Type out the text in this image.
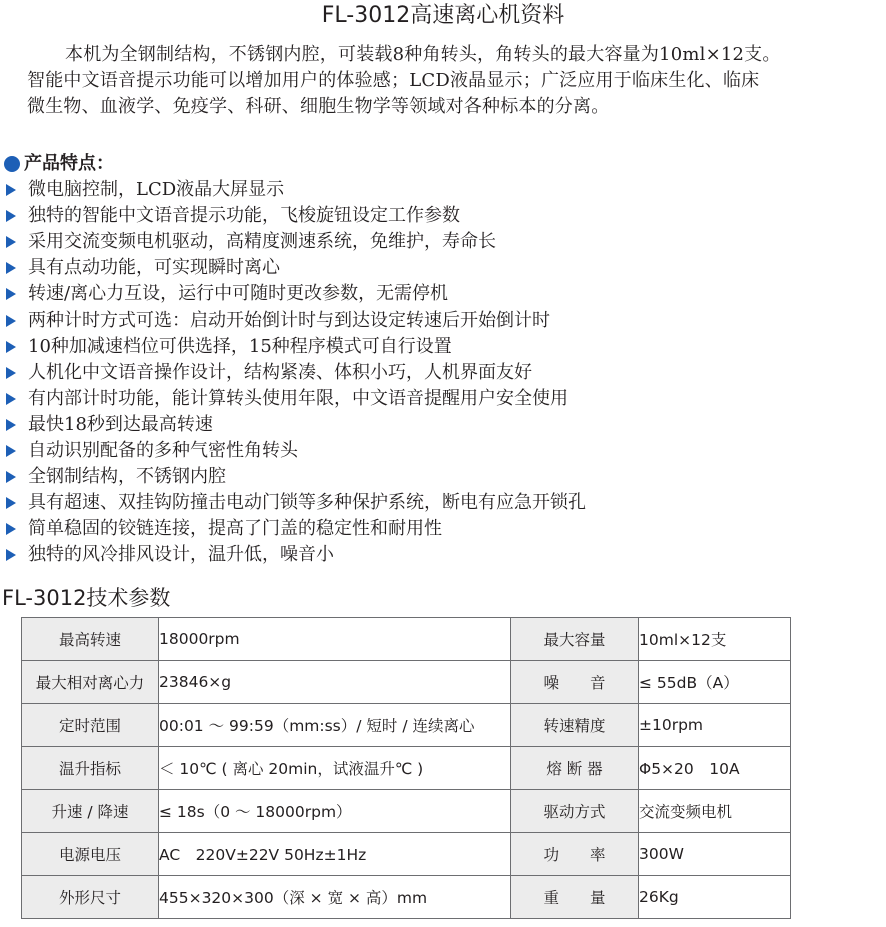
FL-3012高速离心机资料

本机为全钢制结构，不锈钢内腔，可装载8种角转头，角转头的最大容量为10ml×12支。

智能中文语音提示功能可以增加用户的体验感；LCD液晶显示；广泛应用于临床生化、临床

微生物、血液学、免疫学、科研、细胞生物学等领域对各种标本的分离。

产品特点：
微电脑控制，LCD液晶大屏显示
独特的智能中文语音提示功能，飞梭旋钮设定工作参数
采用交流变频电机驱动，高精度测速系统，免维护，寿命长
具有点动功能，可实现瞬时离心
转速/离心力互设，运行中可随时更改参数，无需停机
两种计时方式可选：启动开始倒计时与到达设定转速后开始倒计时
10种加减速档位可供选择，15种程序模式可自行设置
人机化中文语音操作设计，结构紧凑、体积小巧，人机界面友好
有内部计时功能，能计算转头使用年限，中文语音提醒用户安全使用
最快18秒到达最高转速
自动识别配备的多种气密性角转头
全钢制结构，不锈钢内腔
具有超速、双挂钩防撞击电动门锁等多种保护系统，断电有应急开锁孔
简单稳固的铰链连接，提高了门盖的稳定性和耐用性
独特的风冷排风设计，温升低，噪音小
FL-3012技术参数
最高转速	18000rpm	最大容量	10ml×12支
最大相对离心力	23846×g	噪　　音	≤ 55dB（A）
定时范围	00:01 ～ 99:59（mm:ss）/ 短时 / 连续离心	转速精度	±10rpm
温升指标	＜ 10℃ ( 离心 20min，试液温升℃ )	熔 断 器	Φ5×20　10A
升速 / 降速	≤ 18s（0 ～ 18000rpm）	驱动方式	交流变频电机
电源电压	AC　220V±22V 50Hz±1Hz	功　　率	300W
外形尺寸	455×320×300（深 × 宽 × 高）mm	重　　量	26Kg
